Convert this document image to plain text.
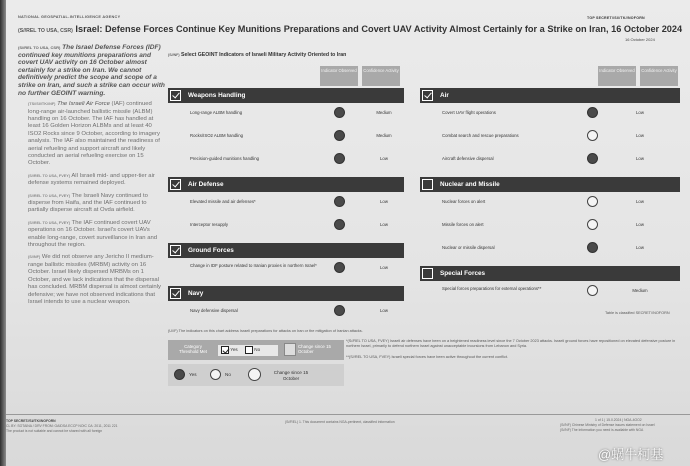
NATIONAL GEOSPATIAL-INTELLIGENCE AGENCY	TOP SECRET//SI//TK//NOFORN
(S//REL TO USA, CSR) Israel: Defense Forces Continue Key Munitions Preparations and Covert UAV Activity Almost Certainly for a Strike on Iran, 16 October 2024
16 October 2024

(S//REL TO USA, CSR) The Israel Defense Forces (IDF) continued key munitions preparations and covert UAV activity on 16 October almost certainly for a strike on Iran. We cannot definitively predict the scope and scope of a strike on Iran, and such a strike can occur with no further GEOINT warning.

(TS//SI//TK//NF) The Israeli Air Force (IAF) continued long-range air-launched ballistic missile (ALBM) handling on 16 October. The IAF has handled at least 16 Golden Horizon ALBMs and at least 40 ISO2 Rocks since 9 October, according to imagery analysis. The IAF also maintained the readiness of aerial refueling and support aircraft and likely conducted an aerial refueling exercise on 15 October.

(S//REL TO USA, FVEY) All Israeli mid- and upper-tier air defense systems remained deployed.

(S//REL TO USA, FVEY) The Israeli Navy continued to disperse from Haifa, and the IAF continued to partially disperse aircraft at Ovda airfield.

(S//REL TO USA, FVEY) The IAF continued covert UAV operations on 16 October. Israel's covert UAVs enable long-range, covert surveillance in Iran and throughout the region.

(S//NF) We did not observe any Jericho II medium-range ballistic missiles (MRBM) activity on 16 October. Israel likely dispersed MRBMs on 1 October, and we lack indications that the dispersal has concluded. MRBM dispersal is almost certainly defensive; we have not observed indications that Israel intends to use a nuclear weapon.

(S//NF) Select GEOINT Indicators of Israeli Military Activity Oriented to Iran
Indicator Observed	Confidence Activity	Indicator Observed	Confidence Activity
Weapons Handling
Long-range ALBM handling	Medium
Rocks/ISO2 ALBM handling	Medium
Precision-guided munitions handling	Low
Air Defense
Elevated missile and air defenses*	Low
Interceptor resupply	Low
Ground Forces
Change in IDF posture related to Iranian proxies in northern Israel*	Low
Navy
Navy defensive dispersal	Low
Air
Covert UAV flight operations	Low
Combat search and rescue preparations	Low
Aircraft defensive dispersal	Low
Nuclear and Missile
Nuclear forces on alert	Low
Missile forces on alert	Low
Nuclear or missile dispersal	Low
Special Forces
Special forces preparations for external operations**	Medium
Table is classified SECRET//NOFORN
(U//F) The indicators on this chart address Israeli preparations for attacks on Iran or the mitigation of Iranian attacks.
*(S//REL TO USA, FVEY) Israeli air defenses have been on a heightened readiness level since the 7 October 2023 attacks. Israeli ground forces have repositioned on elevated defensive posture in northern Israel, primarily to defend northern Israel against unacceptable incursions from Lebanon and Syria.
**(S//REL TO USA, FVEY) Israeli special forces have been active throughout the current conflict.
Category Threshold Met	Yes	No
Change since 15 October
Yes	No	Change since 15 October
TOP SECRET//SI//TK//NOFORN
CL BY: SOTAINA / DRV FROM: GAIDSA ECCP NOIC CA: 2011, 2011 221
The product is not suitable and cannot be shared with all foreign
(S//REL) 1. This document contains NGA-pertinent, classified information	1 of 1 | 15.0.2024 | NGA-4OO2
(S//NF) Chinese Ministry of Defense issues statement on Israel
(S//NF) The information you need is available with NGA
@蜗牛柯基
